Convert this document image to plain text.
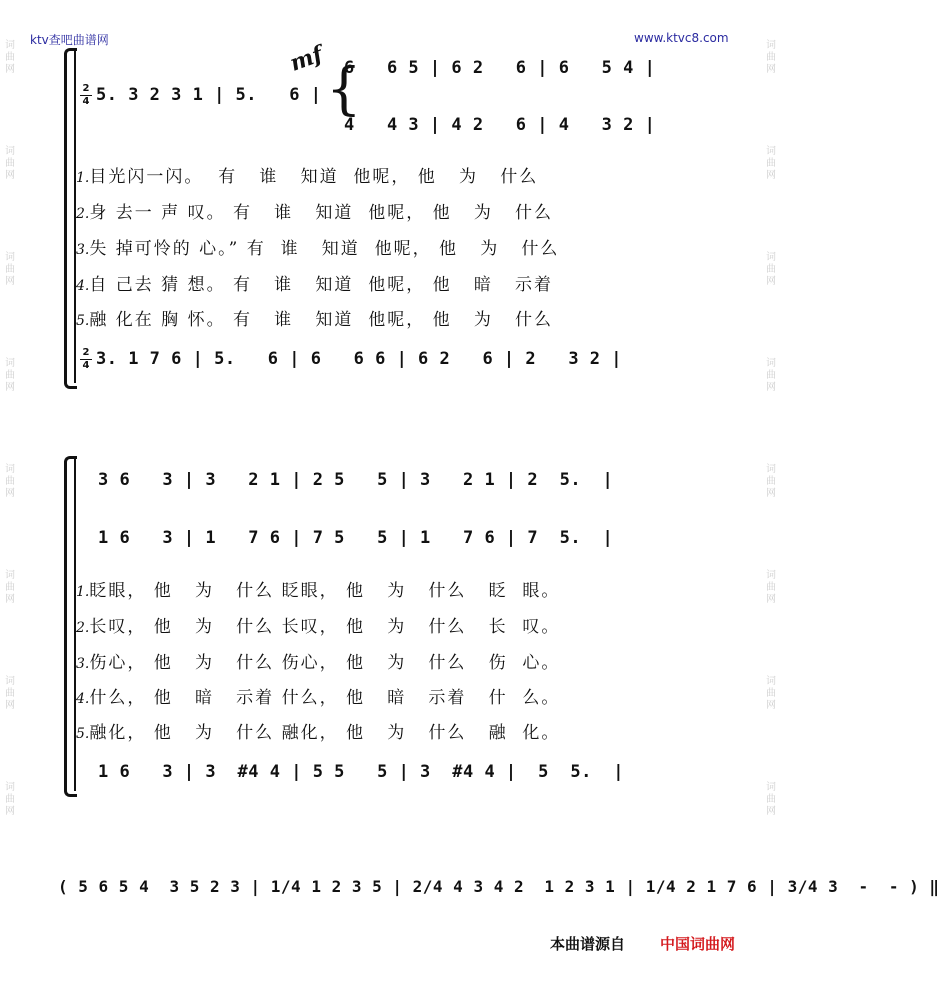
ktv查吧曲谱网	www.ktvc8.com
词曲网
词曲网
词曲网
词曲网
词曲网
词曲网
词曲网
词曲网
词曲网
词曲网
词曲网
词曲网
词曲网
词曲网
词曲网
词曲网
2
4 5. 3 2 3 1 | 5.   6 |
mf {
6   6 5 | 6 2   6 | 6   5 4 |
4   4 3 | 4 2   6 | 4   3 2 |
1.目光闪一闪。  有   谁   知道  他呢， 他   为   什么
2.身 去一 声 叹。 有   谁   知道  他呢， 他   为   什么
3.失 掉可怜的 心。” 有  谁   知道  他呢， 他   为   什么
4.自 己去 猜 想。 有   谁   知道  他呢， 他   暗   示着
5.融 化在 胸 怀。 有   谁   知道  他呢， 他   为   什么
2
4 3. 1 7 6 | 5.   6 | 6   6 6 | 6 2   6 | 2   3 2 |
3 6   3 | 3   2 1 | 2 5   5 | 3   2 1 | 2  5.  |
1 6   3 | 1   7 6 | 7 5   5 | 1   7 6 | 7  5.  |
1.眨眼， 他   为   什么 眨眼， 他   为   什么   眨  眼。
2.长叹， 他   为   什么 长叹， 他   为   什么   长  叹。
3.伤心， 他   为   什么 伤心， 他   为   什么   伤  心。
4.什么， 他   暗   示着 什么， 他   暗   示着   什  么。
5.融化， 他   为   什么 融化， 他   为   什么   融  化。
1 6   3 | 3  #4 4 | 5 5   5 | 3  #4 4 |  5  5.  |
( 5 6 5 4  3 5 2 3 | 1/4 1 2 3 5 | 2/4 4 3 4 2  1 2 3 1 | 1/4 2 1 7 6 | 3/4 3  -  - ) ‖
本曲谱源自 中国词曲网
